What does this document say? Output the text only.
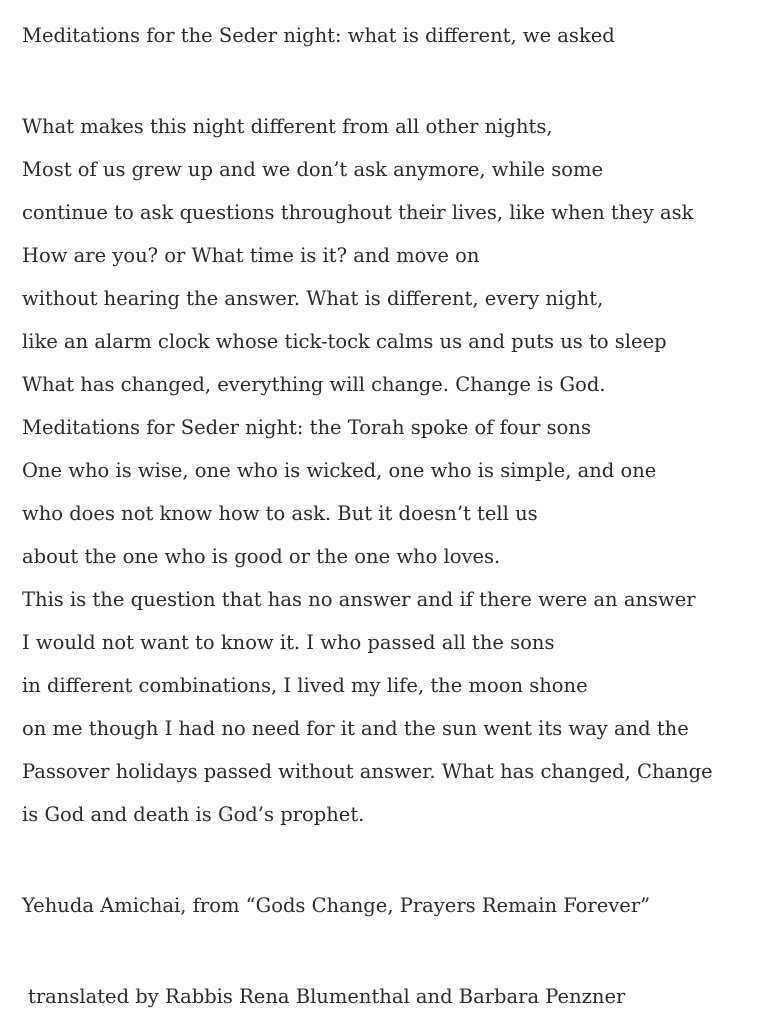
Meditations for the Seder night: what is different, we asked
What makes this night different from all other nights,
Most of us grew up and we don’t ask anymore, while some
continue to ask questions throughout their lives, like when they ask
How are you? or What time is it? and move on
without hearing the answer. What is different, every night,
like an alarm clock whose tick-tock calms us and puts us to sleep
What has changed, everything will change. Change is God.
Meditations for Seder night: the Torah spoke of four sons
One who is wise, one who is wicked, one who is simple, and one
who does not know how to ask. But it doesn’t tell us
about the one who is good or the one who loves.
This is the question that has no answer and if there were an answer
I would not want to know it. I who passed all the sons
in different combinations, I lived my life, the moon shone
on me though I had no need for it and the sun went its way and the
Passover holidays passed without answer. What has changed, Change
is God and death is God’s prophet.
Yehuda Amichai, from “Gods Change, Prayers Remain Forever”
translated by Rabbis Rena Blumenthal and Barbara Penzner
